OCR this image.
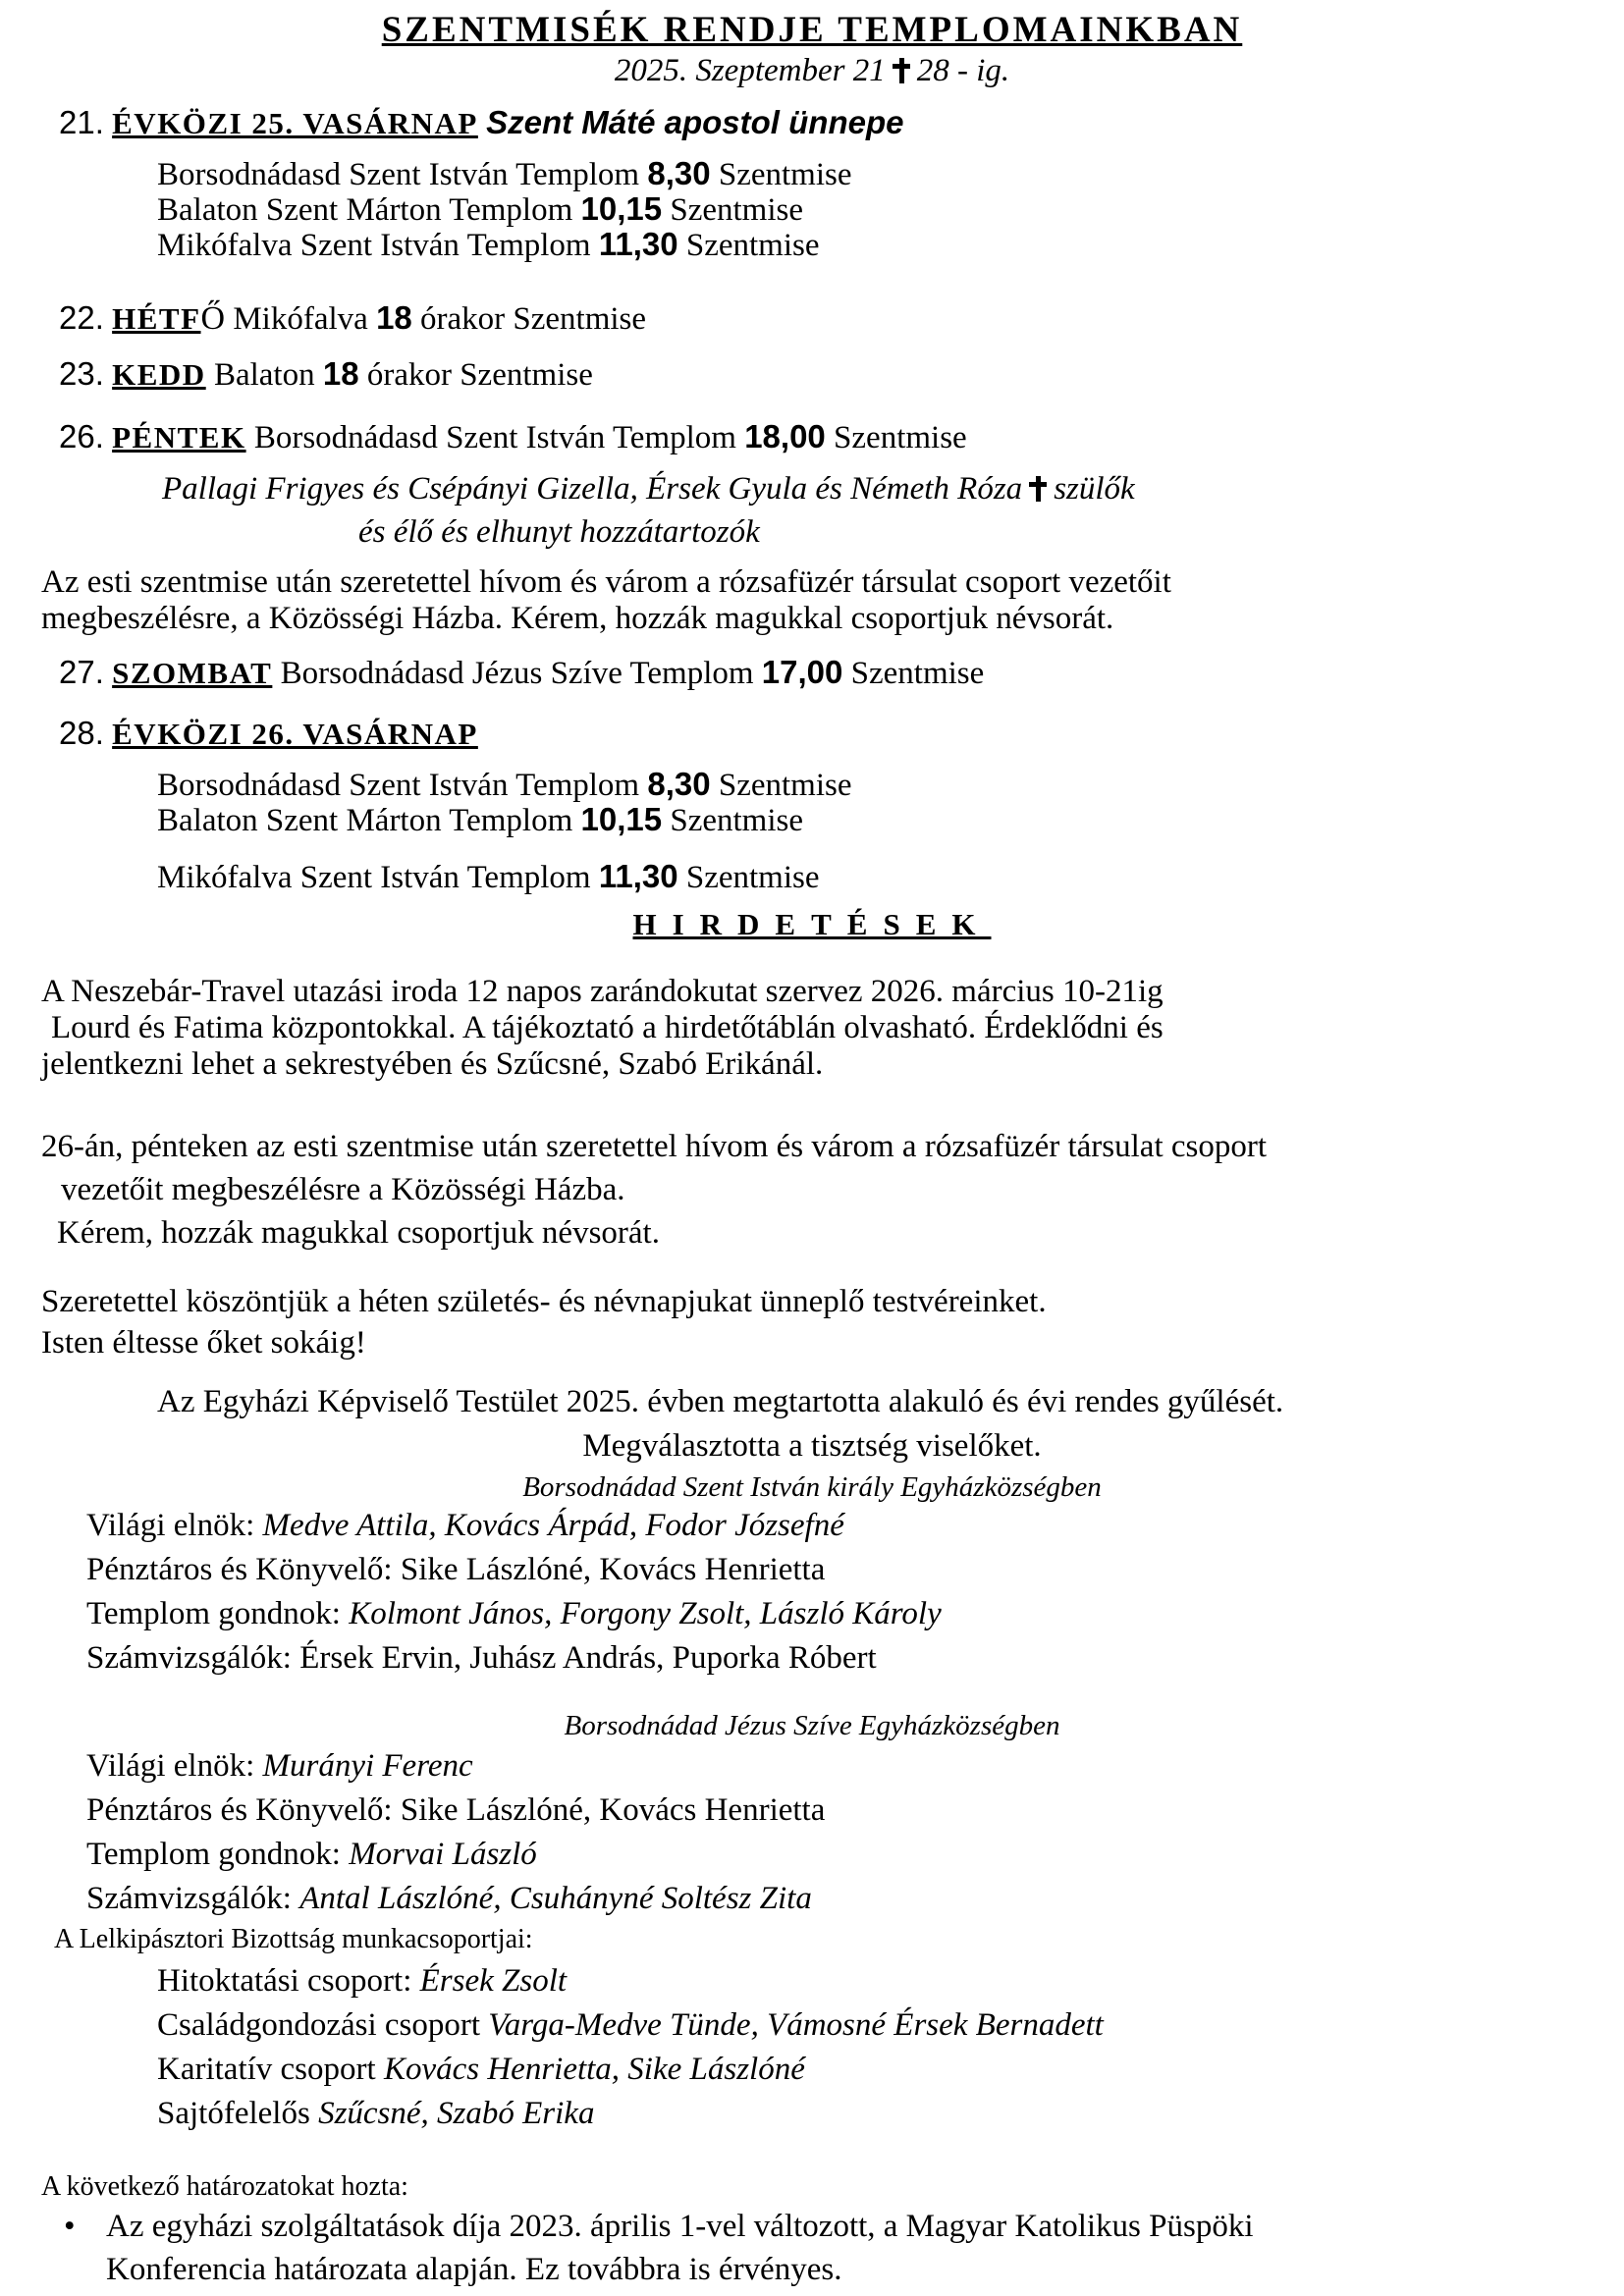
SZENTMISÉK RENDJE TEMPLOMAINKBAN
2025. Szeptember 21 28 - ig.
21. ÉVKÖZI 25. VASÁRNAP Szent Máté apostol ünnepe
Borsodnádasd Szent István Templom 8,30 Szentmise
Balaton Szent Márton Templom 10,15 Szentmise
Mikófalva Szent István Templom 11,30 Szentmise
22. HÉTFŐ Mikófalva 18 órakor Szentmise
23. KEDD Balaton 18 órakor Szentmise
26. PÉNTEK Borsodnádasd Szent István Templom 18,00 Szentmise
Pallagi Frigyes és Csépányi Gizella, Érsek Gyula és Németh Róza szülők
és élő és elhunyt hozzátartozók
Az esti szentmise után szeretettel hívom és várom a rózsafüzér társulat csoport vezetőit
megbeszélésre, a Közösségi Házba. Kérem, hozzák magukkal csoportjuk névsorát.
27. SZOMBAT Borsodnádasd Jézus Szíve Templom 17,00 Szentmise
28. ÉVKÖZI 26. VASÁRNAP
Borsodnádasd Szent István Templom 8,30 Szentmise
Balaton Szent Márton Templom 10,15 Szentmise
Mikófalva Szent István Templom 11,30 Szentmise
HIRDETÉSEK
A Neszebár-Travel utazási iroda 12 napos zarándokutat szervez 2026. március 10-21ig
Lourd és Fatima központokkal. A tájékoztató a hirdetőtáblán olvasható. Érdeklődni és
jelentkezni lehet a sekrestyében és Szűcsné, Szabó Erikánál.
26-án, pénteken az esti szentmise után szeretettel hívom és várom a rózsafüzér társulat csoport
vezetőit megbeszélésre a Közösségi Házba.
Kérem, hozzák magukkal csoportjuk névsorát.
Szeretettel köszöntjük a héten születés- és névnapjukat ünneplő testvéreinket.
Isten éltesse őket sokáig!
Az Egyházi Képviselő Testület 2025. évben megtartotta alakuló és évi rendes gyűlését.
Megválasztotta a tisztség viselőket.
Borsodnádad Szent István király Egyházközségben
Világi elnök: Medve Attila, Kovács Árpád, Fodor Józsefné
Pénztáros és Könyvelő: Sike Lászlóné, Kovács Henrietta
Templom gondnok: Kolmont János, Forgony Zsolt, László Károly
Számvizsgálók: Érsek Ervin, Juhász András, Puporka Róbert
Borsodnádad Jézus Szíve Egyházközségben
Világi elnök: Murányi Ferenc
Pénztáros és Könyvelő: Sike Lászlóné, Kovács Henrietta
Templom gondnok: Morvai László
Számvizsgálók: Antal Lászlóné, Csuhányné Soltész Zita
A Lelkipásztori Bizottság munkacsoportjai:
Hitoktatási csoport: Érsek Zsolt
Családgondozási csoport Varga-Medve Tünde, Vámosné Érsek Bernadett
Karitatív csoport Kovács Henrietta, Sike Lászlóné
Sajtófelelős Szűcsné, Szabó Erika
A következő határozatokat hozta:
• Az egyházi szolgáltatások díja 2023. április 1-vel változott, a Magyar Katolikus Püspöki
Konferencia határozata alapján. Ez továbbra is érvényes.
